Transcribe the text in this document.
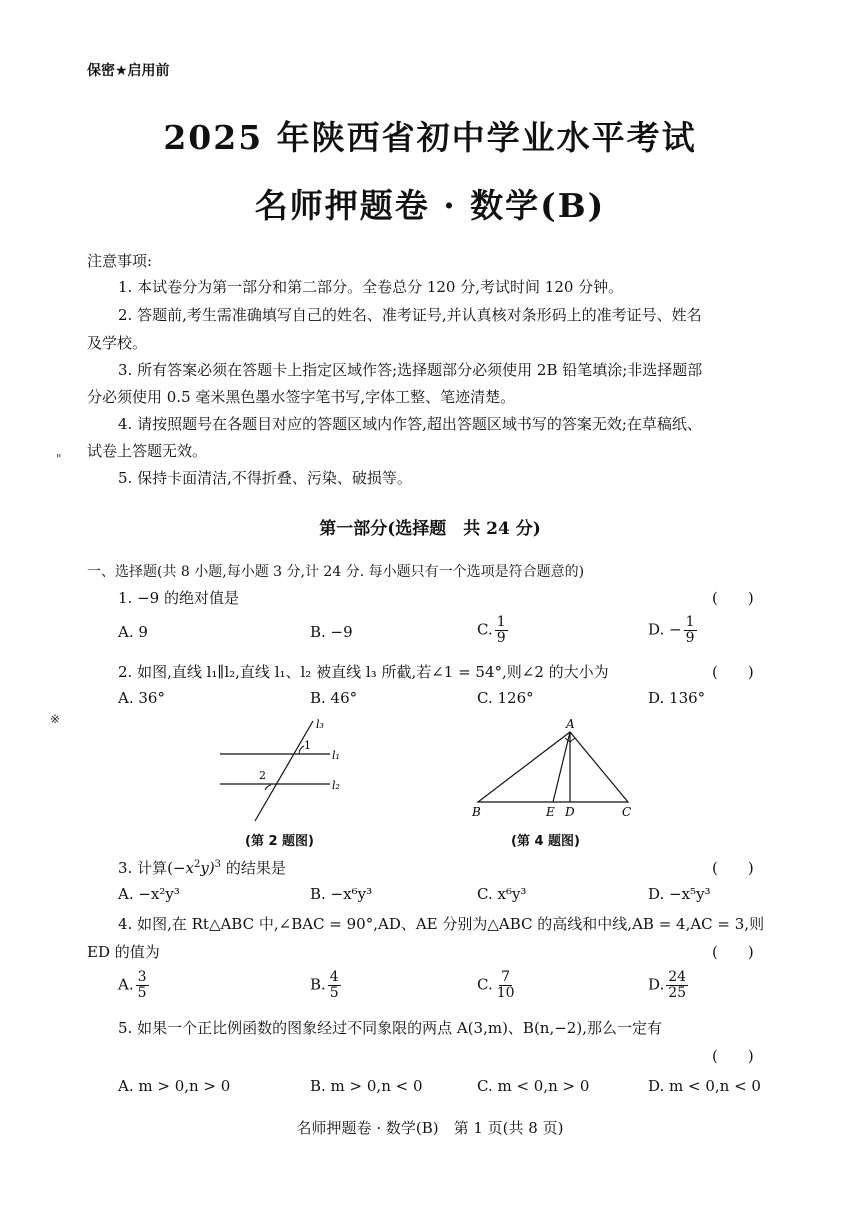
保密★启用前
2025 年陕西省初中学业水平考试
名师押题卷 · 数学(B)
注意事项:
1. 本试卷分为第一部分和第二部分。全卷总分 120 分,考试时间 120 分钟。
2. 答题前,考生需准确填写自己的姓名、准考证号,并认真核对条形码上的准考证号、姓名
及学校。
3. 所有答案必须在答题卡上指定区域作答;选择题部分必须使用 2B 铅笔填涂;非选择题部
分必须使用 0.5 毫米黑色墨水签字笔书写,字体工整、笔迹清楚。
4. 请按照题号在各题目对应的答题区域内作答,超出答题区域书写的答案无效;在草稿纸、
试卷上答题无效。
5. 保持卡面清洁,不得折叠、污染、破损等。
"
※
第一部分(选择题　共 24 分)
一、选择题(共 8 小题,每小题 3 分,计 24 分. 每小题只有一个选项是符合题意的)
1. −9 的绝对值是	(　　)
A. 9	B. −9	C. $\frac{1}{9}$	D. − $\frac{1}{9}$
2. 如图,直线 l₁∥l₂,直线 l₁、l₂ 被直线 l₃ 所截,若∠1 = 54°,则∠2 的大小为	(　　)
A. 36°	B. 46°	C. 126°	D. 136°
l₃
l₁
l₂
1
2
(第 2 题图)
A
B	E D	C
(第 4 题图)
3. 计算$(-x^2y)^3$ 的结果是	(　　)
A. −x²y³	B. −x⁶y³	C. x⁶y³	D. −x⁵y³
4. 如图,在 Rt△ABC 中,∠BAC = 90°,AD、AE 分别为△ABC 的高线和中线,AB = 4,AC = 3,则
ED 的值为	(　　)
A. $\frac{3}{5}$	B. $\frac{4}{5}$	C. $\frac{7}{10}$	D. $\frac{24}{25}$
5. 如果一个正比例函数的图象经过不同象限的两点 A(3,m)、B(n,−2),那么一定有
(　　)
A. m > 0,n > 0	B. m > 0,n < 0	C. m < 0,n > 0	D. m < 0,n < 0
名师押题卷 · 数学(B)　第 1 页(共 8 页)
